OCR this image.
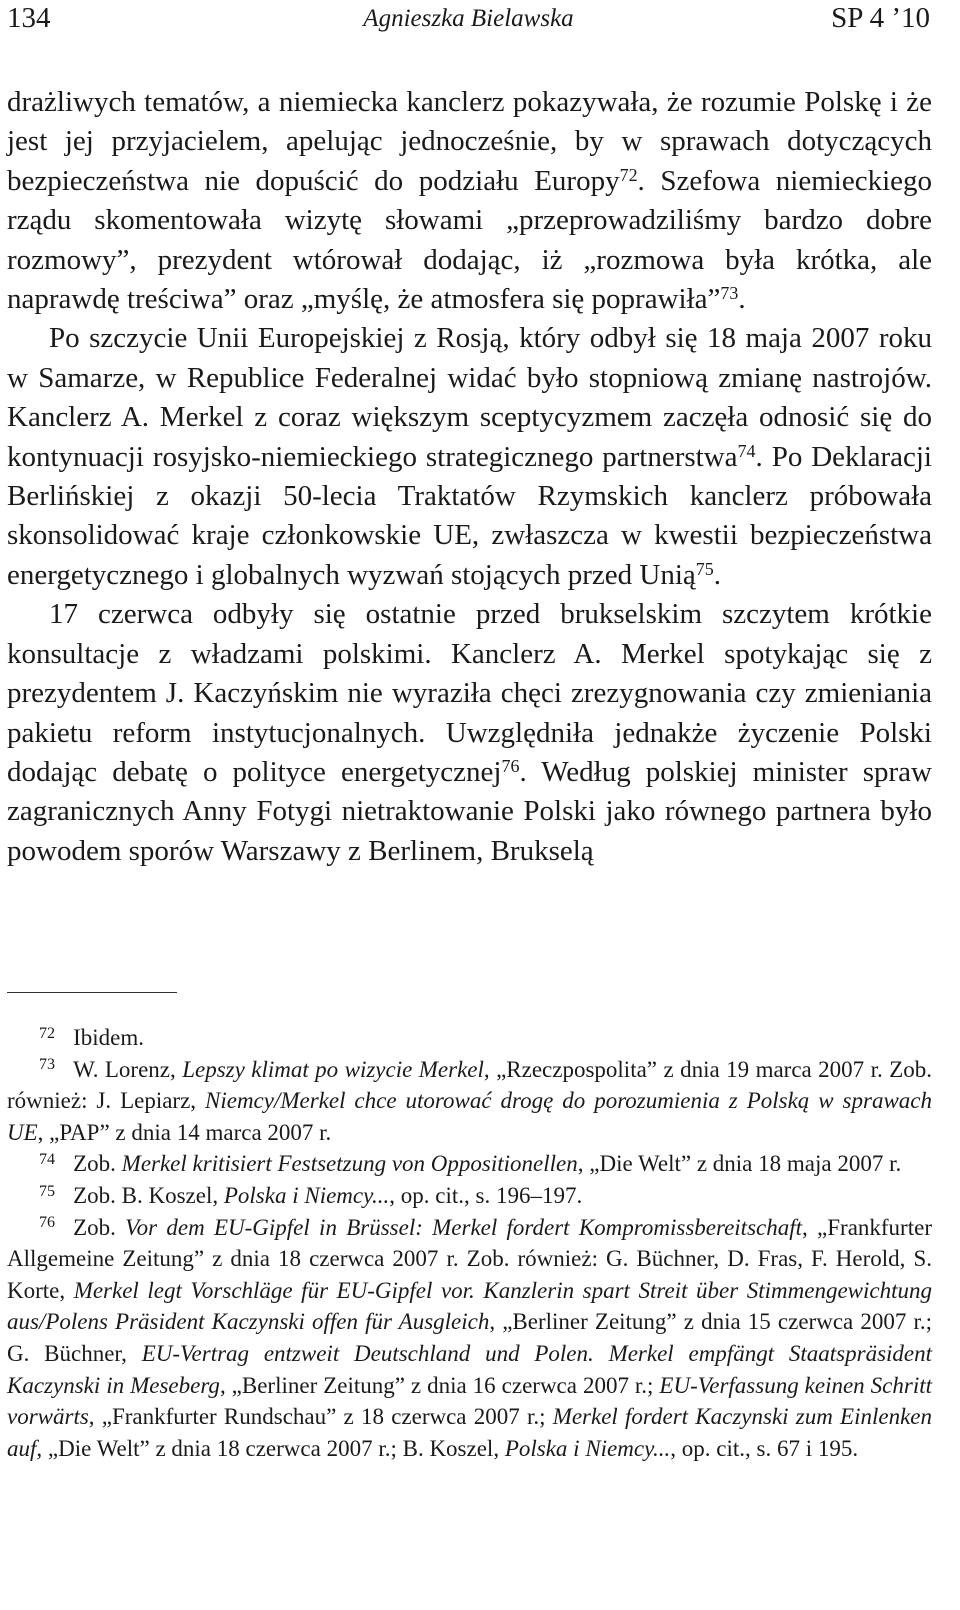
134	Agnieszka Bielawska	SP 4 ’10

drażliwych tematów, a niemiecka kanclerz pokazywała, że rozumie Polskę i że jest jej przyjacielem, apelując jednocześnie, by w sprawach dotyczących bezpieczeństwa nie dopuścić do podziału Europy$^{72}$. Szefowa niemieckiego rządu skomentowała wizytę słowami „przeprowadziliśmy bardzo dobre rozmowy”, prezydent wtórował dodając, iż „rozmowa była krótka, ale naprawdę treściwa” oraz „myślę, że atmosfera się poprawiła”$^{73}$.

Po szczycie Unii Europejskiej z Rosją, który odbył się 18 maja 2007 roku w Samarze, w Republice Federalnej widać było stopniową zmianę nastrojów. Kanclerz A. Merkel z coraz większym sceptycyzmem zaczęła odnosić się do kontynuacji rosyjsko-niemieckiego strategicznego partnerstwa$^{74}$. Po Deklaracji Berlińskiej z okazji 50-lecia Traktatów Rzymskich kanclerz próbowała skonsolidować kraje członkowskie UE, zwłaszcza w kwestii bezpieczeństwa energetycznego i globalnych wyzwań stojących przed Unią$^{75}$.

17 czerwca odbyły się ostatnie przed brukselskim szczytem krótkie konsultacje z władzami polskimi. Kanclerz A. Merkel spotykając się z prezydentem J. Kaczyńskim nie wyraziła chęci zrezygnowania czy zmieniania pakietu reform instytucjonalnych. Uwzględniła jednakże życzenie Polski dodając debatę o polityce energetycznej$^{76}$. Według polskiej minister spraw zagranicznych Anny Fotygi nietraktowanie Polski jako równego partnera było powodem sporów Warszawy z Berlinem, Brukselą

$^{72}$ Ibidem.

$^{73}$ W. Lorenz, Lepszy klimat po wizycie Merkel, „Rzeczpospolita” z dnia 19 marca 2007 r. Zob. również: J. Lepiarz, Niemcy/Merkel chce utorować drogę do porozumienia z Polską w sprawach UE, „PAP” z dnia 14 marca 2007 r.

$^{74}$ Zob. Merkel kritisiert Festsetzung von Oppositionellen, „Die Welt” z dnia 18 maja 2007 r.

$^{75}$ Zob. B. Koszel, Polska i Niemcy..., op. cit., s. 196–197.

$^{76}$ Zob. Vor dem EU-Gipfel in Brüssel: Merkel fordert Kompromissbereitschaft, „Frankfurter Allgemeine Zeitung” z dnia 18 czerwca 2007 r. Zob. również: G. Büchner, D. Fras, F. Herold, S. Korte, Merkel legt Vorschläge für EU-Gipfel vor. Kanzlerin spart Streit über Stimmengewichtung aus/Polens Präsident Kaczynski offen für Ausgleich, „Berliner Zeitung” z dnia 15 czerwca 2007 r.; G. Büchner, EU-Vertrag entzweit Deutschland und Polen. Merkel empfängt Staatspräsident Kaczynski in Meseberg, „Berliner Zeitung” z dnia 16 czerwca 2007 r.; EU-Verfassung keinen Schritt vorwärts, „Frankfurter Rundschau” z 18 czerwca 2007 r.; Merkel fordert Kaczynski zum Einlenken auf, „Die Welt” z dnia 18 czerwca 2007 r.; B. Koszel, Polska i Niemcy..., op. cit., s. 67 i 195.
